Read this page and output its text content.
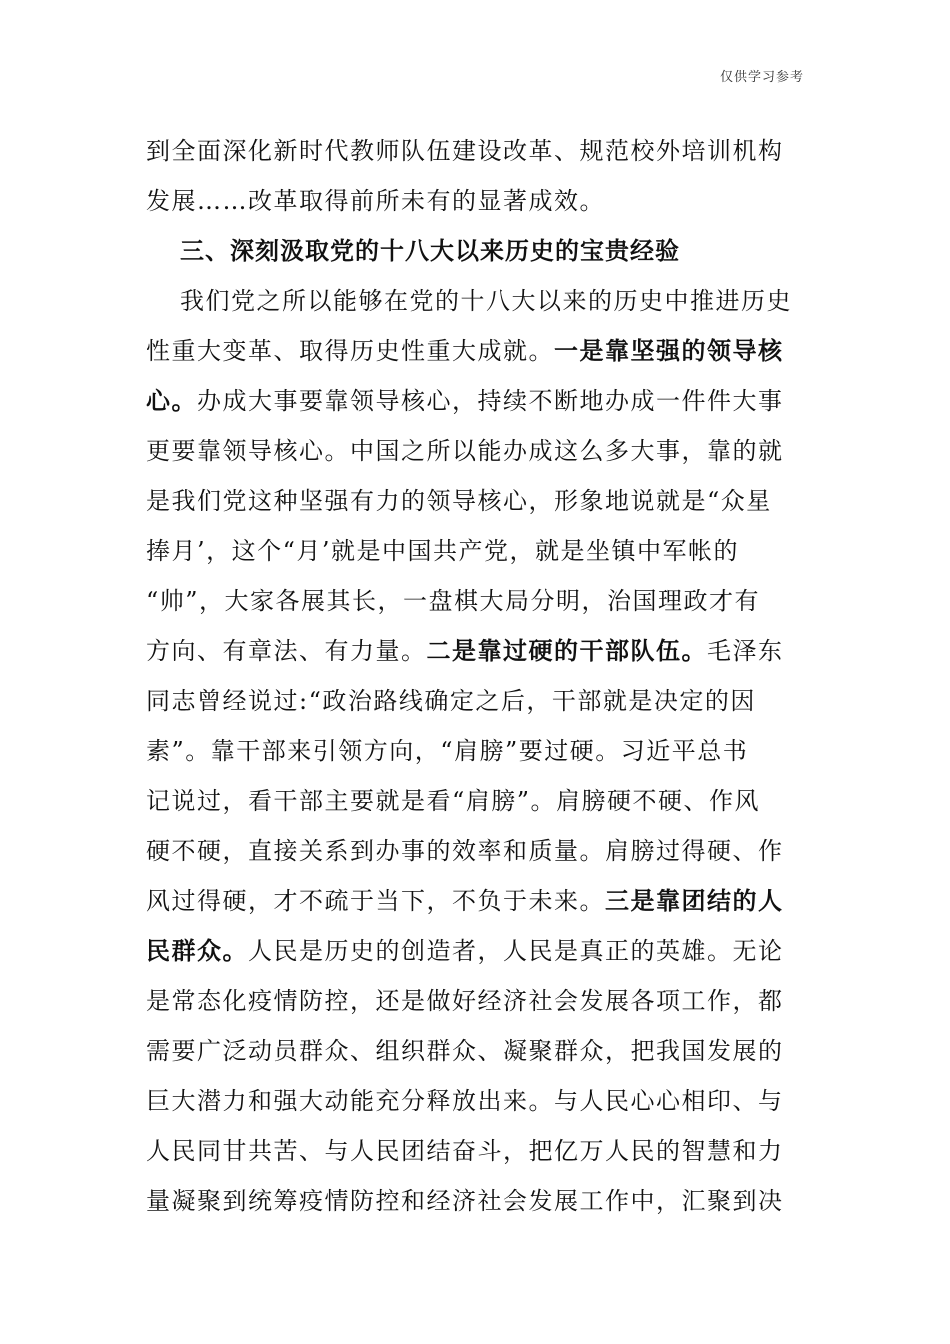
仅供学习参考
到全面深化新时代教师队伍建设改革、规范校外培训机构
发展……改革取得前所未有的显著成效。
三、深刻汲取党的十八大以来历史的宝贵经验
我们党之所以能够在党的十八大以来的历史中推进历史
性重大变革、取得历史性重大成就。一是靠坚强的领导核
心。办成大事要靠领导核心，持续不断地办成一件件大事
更要靠领导核心。中国之所以能办成这么多大事，靠的就
是我们党这种坚强有力的领导核心，形象地说就是“众星
捧月’，这个“月’就是中国共产党，就是坐镇中军帐的
“帅”，大家各展其长，一盘棋大局分明，治国理政才有
方向、有章法、有力量。二是靠过硬的干部队伍。毛泽东
同志曾经说过:“政治路线确定之后，干部就是决定的因
素”。靠干部来引领方向，“肩膀”要过硬。习近平总书
记说过，看干部主要就是看“肩膀”。肩膀硬不硬、作风
硬不硬，直接关系到办事的效率和质量。肩膀过得硬、作
风过得硬，才不疏于当下，不负于未来。三是靠团结的人
民群众。人民是历史的创造者，人民是真正的英雄。无论
是常态化疫情防控，还是做好经济社会发展各项工作，都
需要广泛动员群众、组织群众、凝聚群众，把我国发展的
巨大潜力和强大动能充分释放出来。与人民心心相印、与
人民同甘共苦、与人民团结奋斗，把亿万人民的智慧和力
量凝聚到统筹疫情防控和经济社会发展工作中，汇聚到决
